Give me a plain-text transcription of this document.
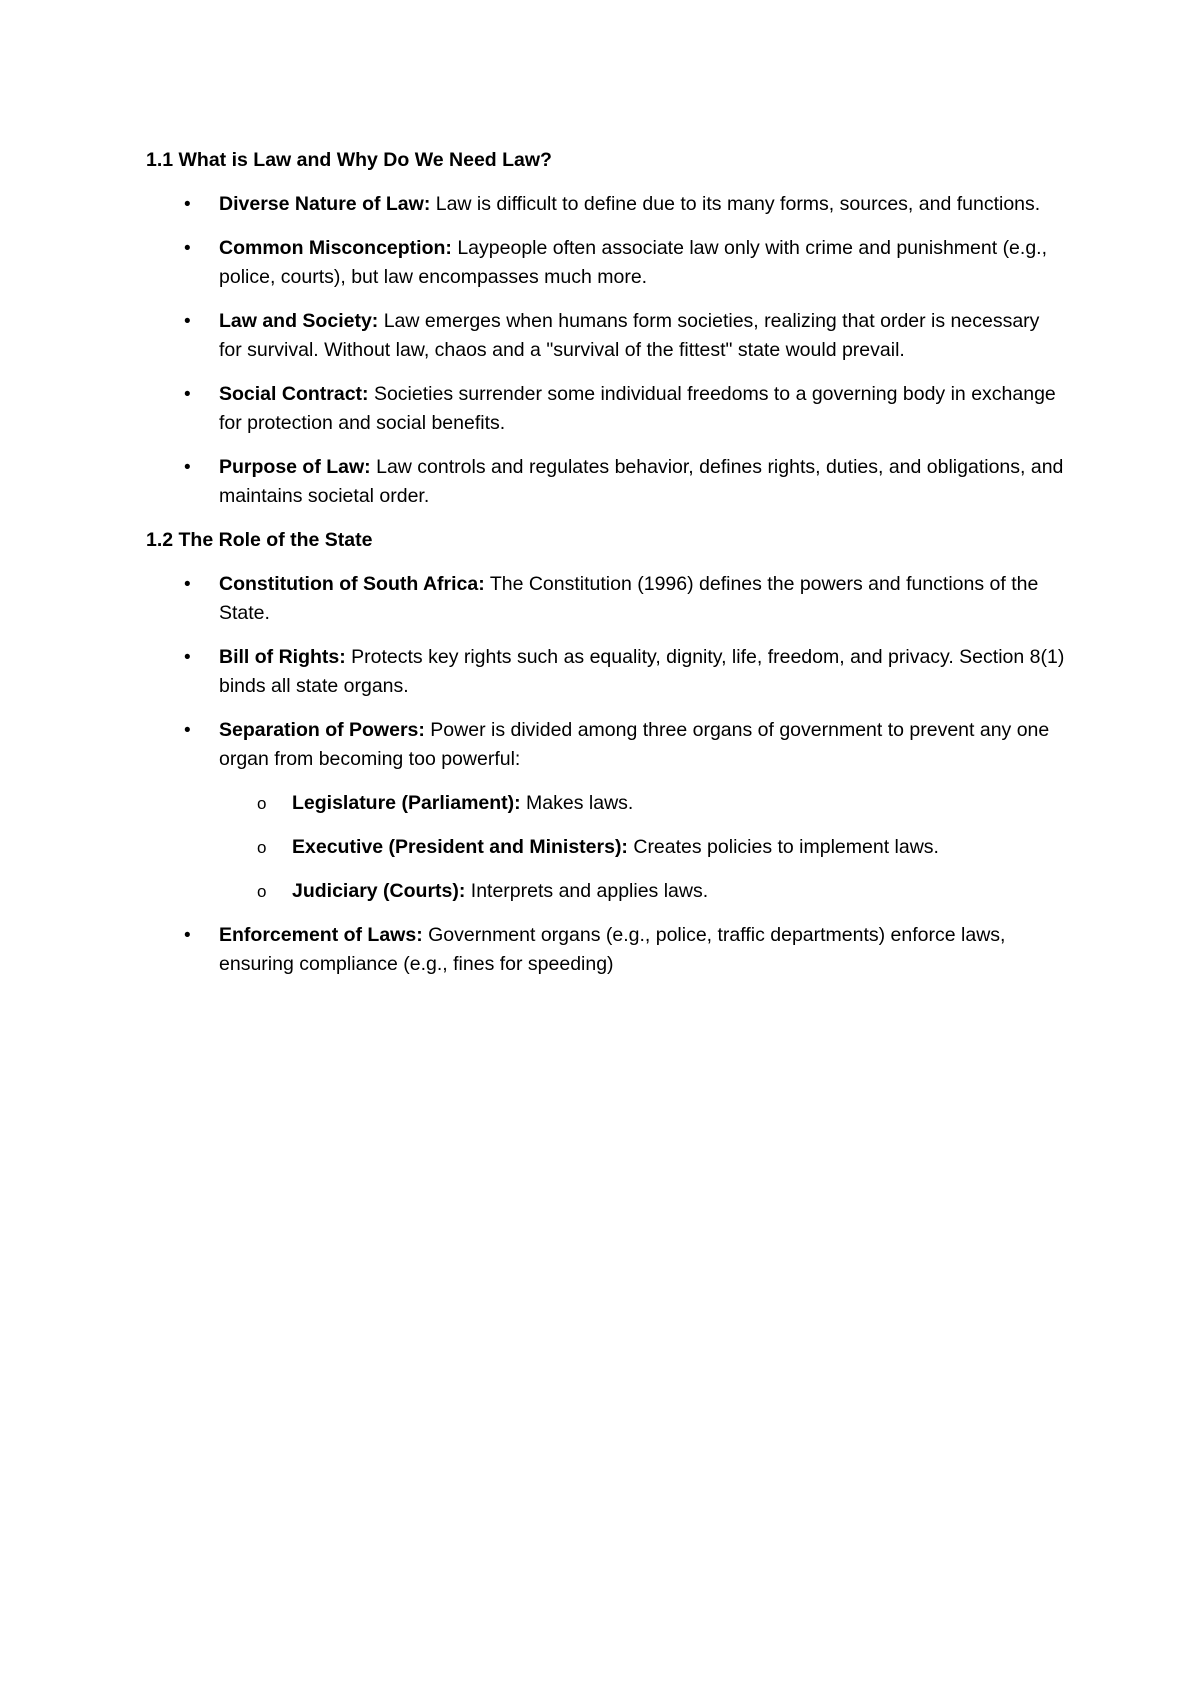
1.1 What is Law and Why Do We Need Law?
• Diverse Nature of Law: Law is difficult to define due to its many forms, sources, and functions.
• Common Misconception: Laypeople often associate law only with crime and punishment (e.g., police, courts), but law encompasses much more.
• Law and Society: Law emerges when humans form societies, realizing that order is necessary for survival. Without law, chaos and a "survival of the fittest" state would prevail.
• Social Contract: Societies surrender some individual freedoms to a governing body in exchange for protection and social benefits.
• Purpose of Law: Law controls and regulates behavior, defines rights, duties, and obligations, and maintains societal order.
1.2 The Role of the State
• Constitution of South Africa: The Constitution (1996) defines the powers and functions of the State.
• Bill of Rights: Protects key rights such as equality, dignity, life, freedom, and privacy. Section 8(1) binds all state organs.
• Separation of Powers: Power is divided among three organs of government to prevent any one organ from becoming too powerful:
o Legislature (Parliament): Makes laws.
o Executive (President and Ministers): Creates policies to implement laws.
o Judiciary (Courts): Interprets and applies laws.
• Enforcement of Laws: Government organs (e.g., police, traffic departments) enforce laws, ensuring compliance (e.g., fines for speeding)
